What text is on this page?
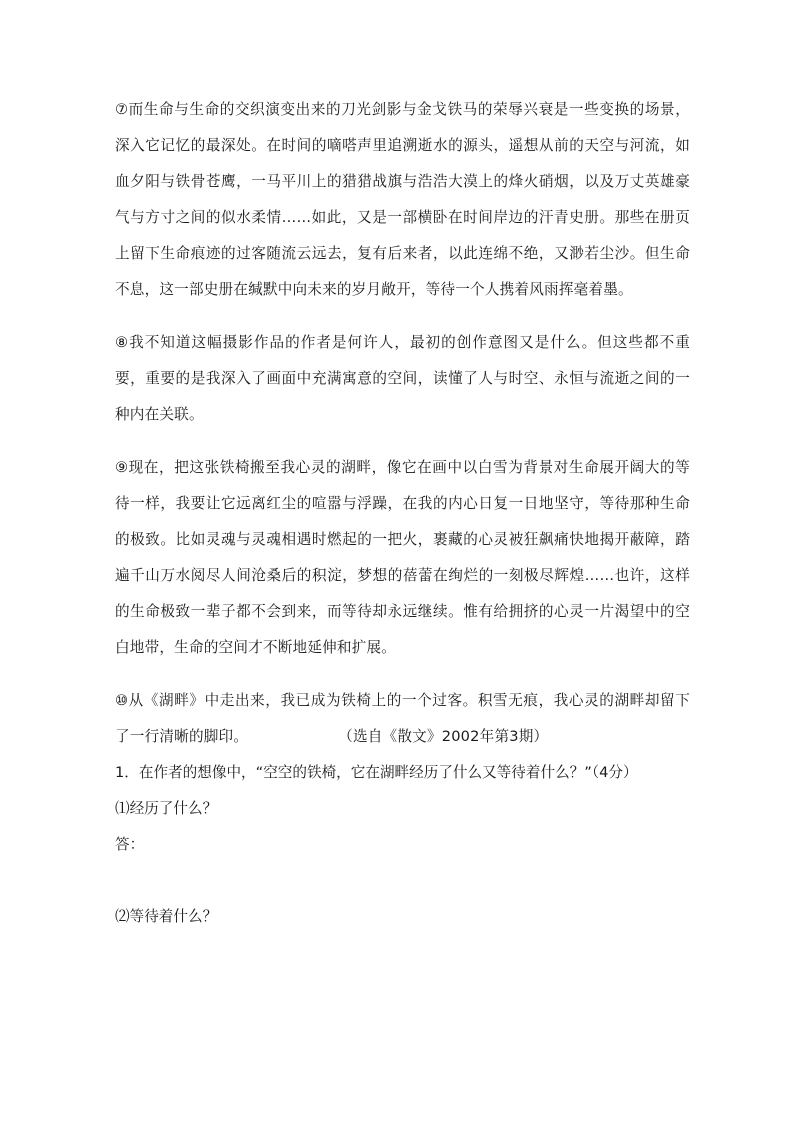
⑦而生命与生命的交织演变出来的刀光剑影与金戈铁马的荣辱兴衰是一些变换的场景，深入它记忆的最深处。在时间的嘀嗒声里追溯逝水的源头，遥想从前的天空与河流，如血夕阳与铁骨苍鹰，一马平川上的猎猎战旗与浩浩大漠上的烽火硝烟，以及万丈英雄豪气与方寸之间的似水柔情……如此，又是一部横卧在时间岸边的汗青史册。那些在册页上留下生命痕迹的过客随流云远去，复有后来者，以此连绵不绝，又渺若尘沙。但生命不息，这一部史册在缄默中向未来的岁月敞开，等待一个人携着风雨挥毫着墨。

⑧我不知道这幅摄影作品的作者是何许人，最初的创作意图又是什么。但这些都不重要，重要的是我深入了画面中充满寓意的空间，读懂了人与时空、永恒与流逝之间的一种内在关联。

⑨现在，把这张铁椅搬至我心灵的湖畔，像它在画中以白雪为背景对生命展开阔大的等待一样，我要让它远离红尘的喧嚣与浮躁，在我的内心日复一日地坚守，等待那种生命的极致。比如灵魂与灵魂相遇时燃起的一把火，裹藏的心灵被狂飙痛快地揭开蔽障，踏遍千山万水阅尽人间沧桑后的积淀，梦想的蓓蕾在绚烂的一刻极尽辉煌……也许，这样的生命极致一辈子都不会到来，而等待却永远继续。惟有给拥挤的心灵一片渴望中的空白地带，生命的空间才不断地延伸和扩展。

⑩从《湖畔》中走出来，我已成为铁椅上的一个过客。积雪无痕，我心灵的湖畔却留下了一行清晰的脚印。	（选自《散文》2002年第3期）

1．在作者的想像中，“空空的铁椅，它在湖畔经历了什么又等待着什么？”（4分）

⑴经历了什么？

答：

⑵等待着什么？
